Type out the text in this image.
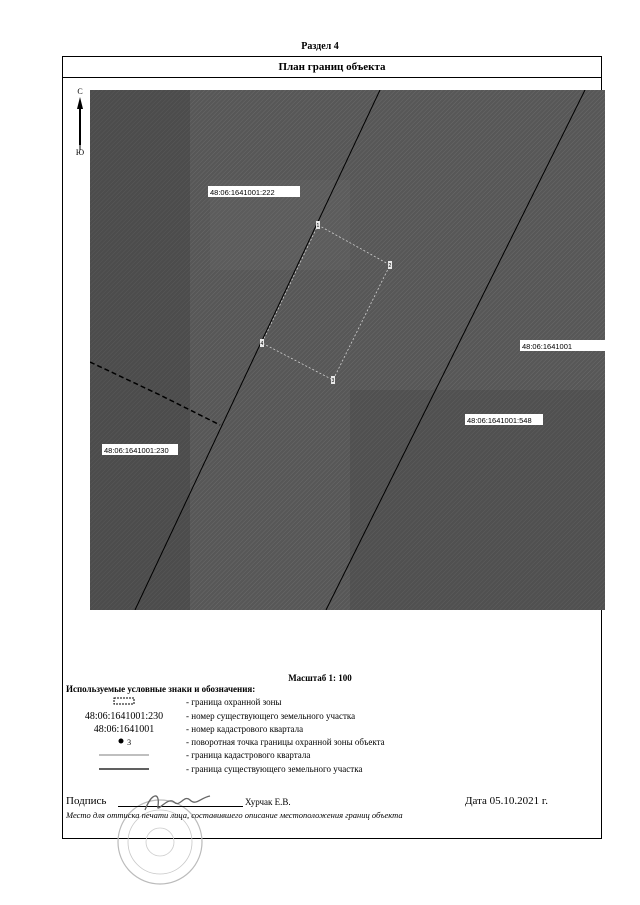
Раздел 4
План границ объекта
С
Ю
1
2
3
4
48:06:1641001:222
48:06:1641001
48:06:1641001:548
48:06:1641001:230
Масштаб 1: 100
Используемые условные знаки и обозначения:
- граница охранной зоны
48:06:1641001:230	- номер существующего земельного участка
48:06:1641001	- номер кадастрового квартала
3	- поворотная точка границы охранной зоны объекта
- граница кадастрового квартала
- граница существующего земельного участка
Подпись	Хурчак Е.В.	Дата 05.10.2021 г.
Место для оттиска печати лица, составившего описание местоположения границ объекта
